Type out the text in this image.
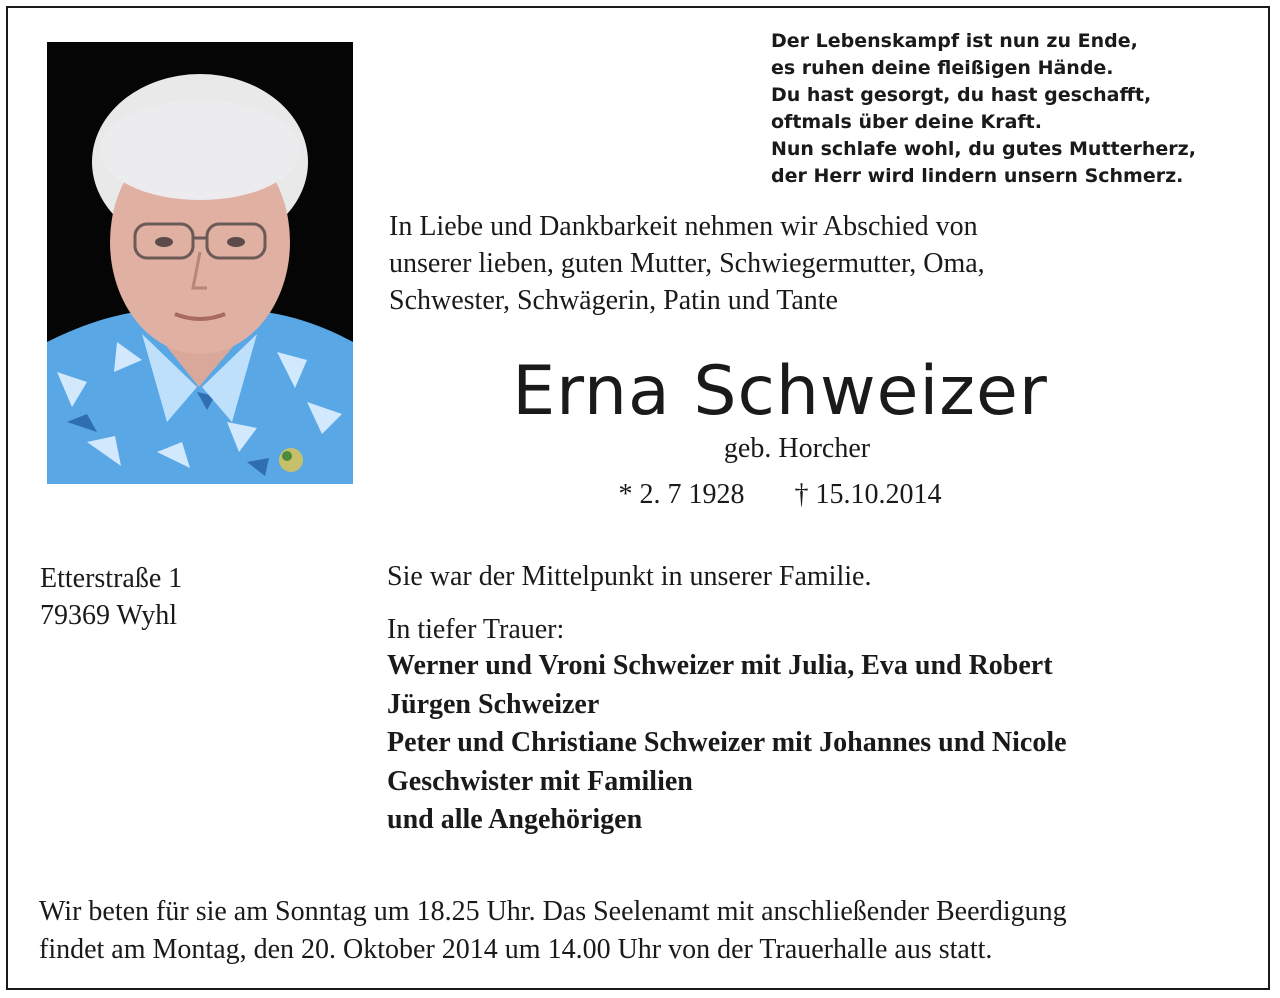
Der Lebenskampf ist nun zu Ende,
es ruhen deine fleißigen Hände.
Du hast gesorgt, du hast geschafft,
oftmals über deine Kraft.
Nun schlafe wohl, du gutes Mutterherz,
der Herr wird lindern unsern Schmerz.
In Liebe und Dankbarkeit nehmen wir Abschied von
unserer lieben, guten Mutter, Schwiegermutter, Oma,
Schwester, Schwägerin, Patin und Tante
Erna Schweizer
geb. Horcher
* 2. 7 1928 † 15.10.2014
Etterstraße 1
79369 Wyhl
Sie war der Mittelpunkt in unserer Familie.
In tiefer Trauer:
Werner und Vroni Schweizer mit Julia, Eva und Robert
Jürgen Schweizer
Peter und Christiane Schweizer mit Johannes und Nicole
Geschwister mit Familien
und alle Angehörigen
Wir beten für sie am Sonntag um 18.25 Uhr. Das Seelenamt mit anschließender Beerdigung
findet am Montag, den 20. Oktober 2014 um 14.00 Uhr von der Trauerhalle aus statt.
